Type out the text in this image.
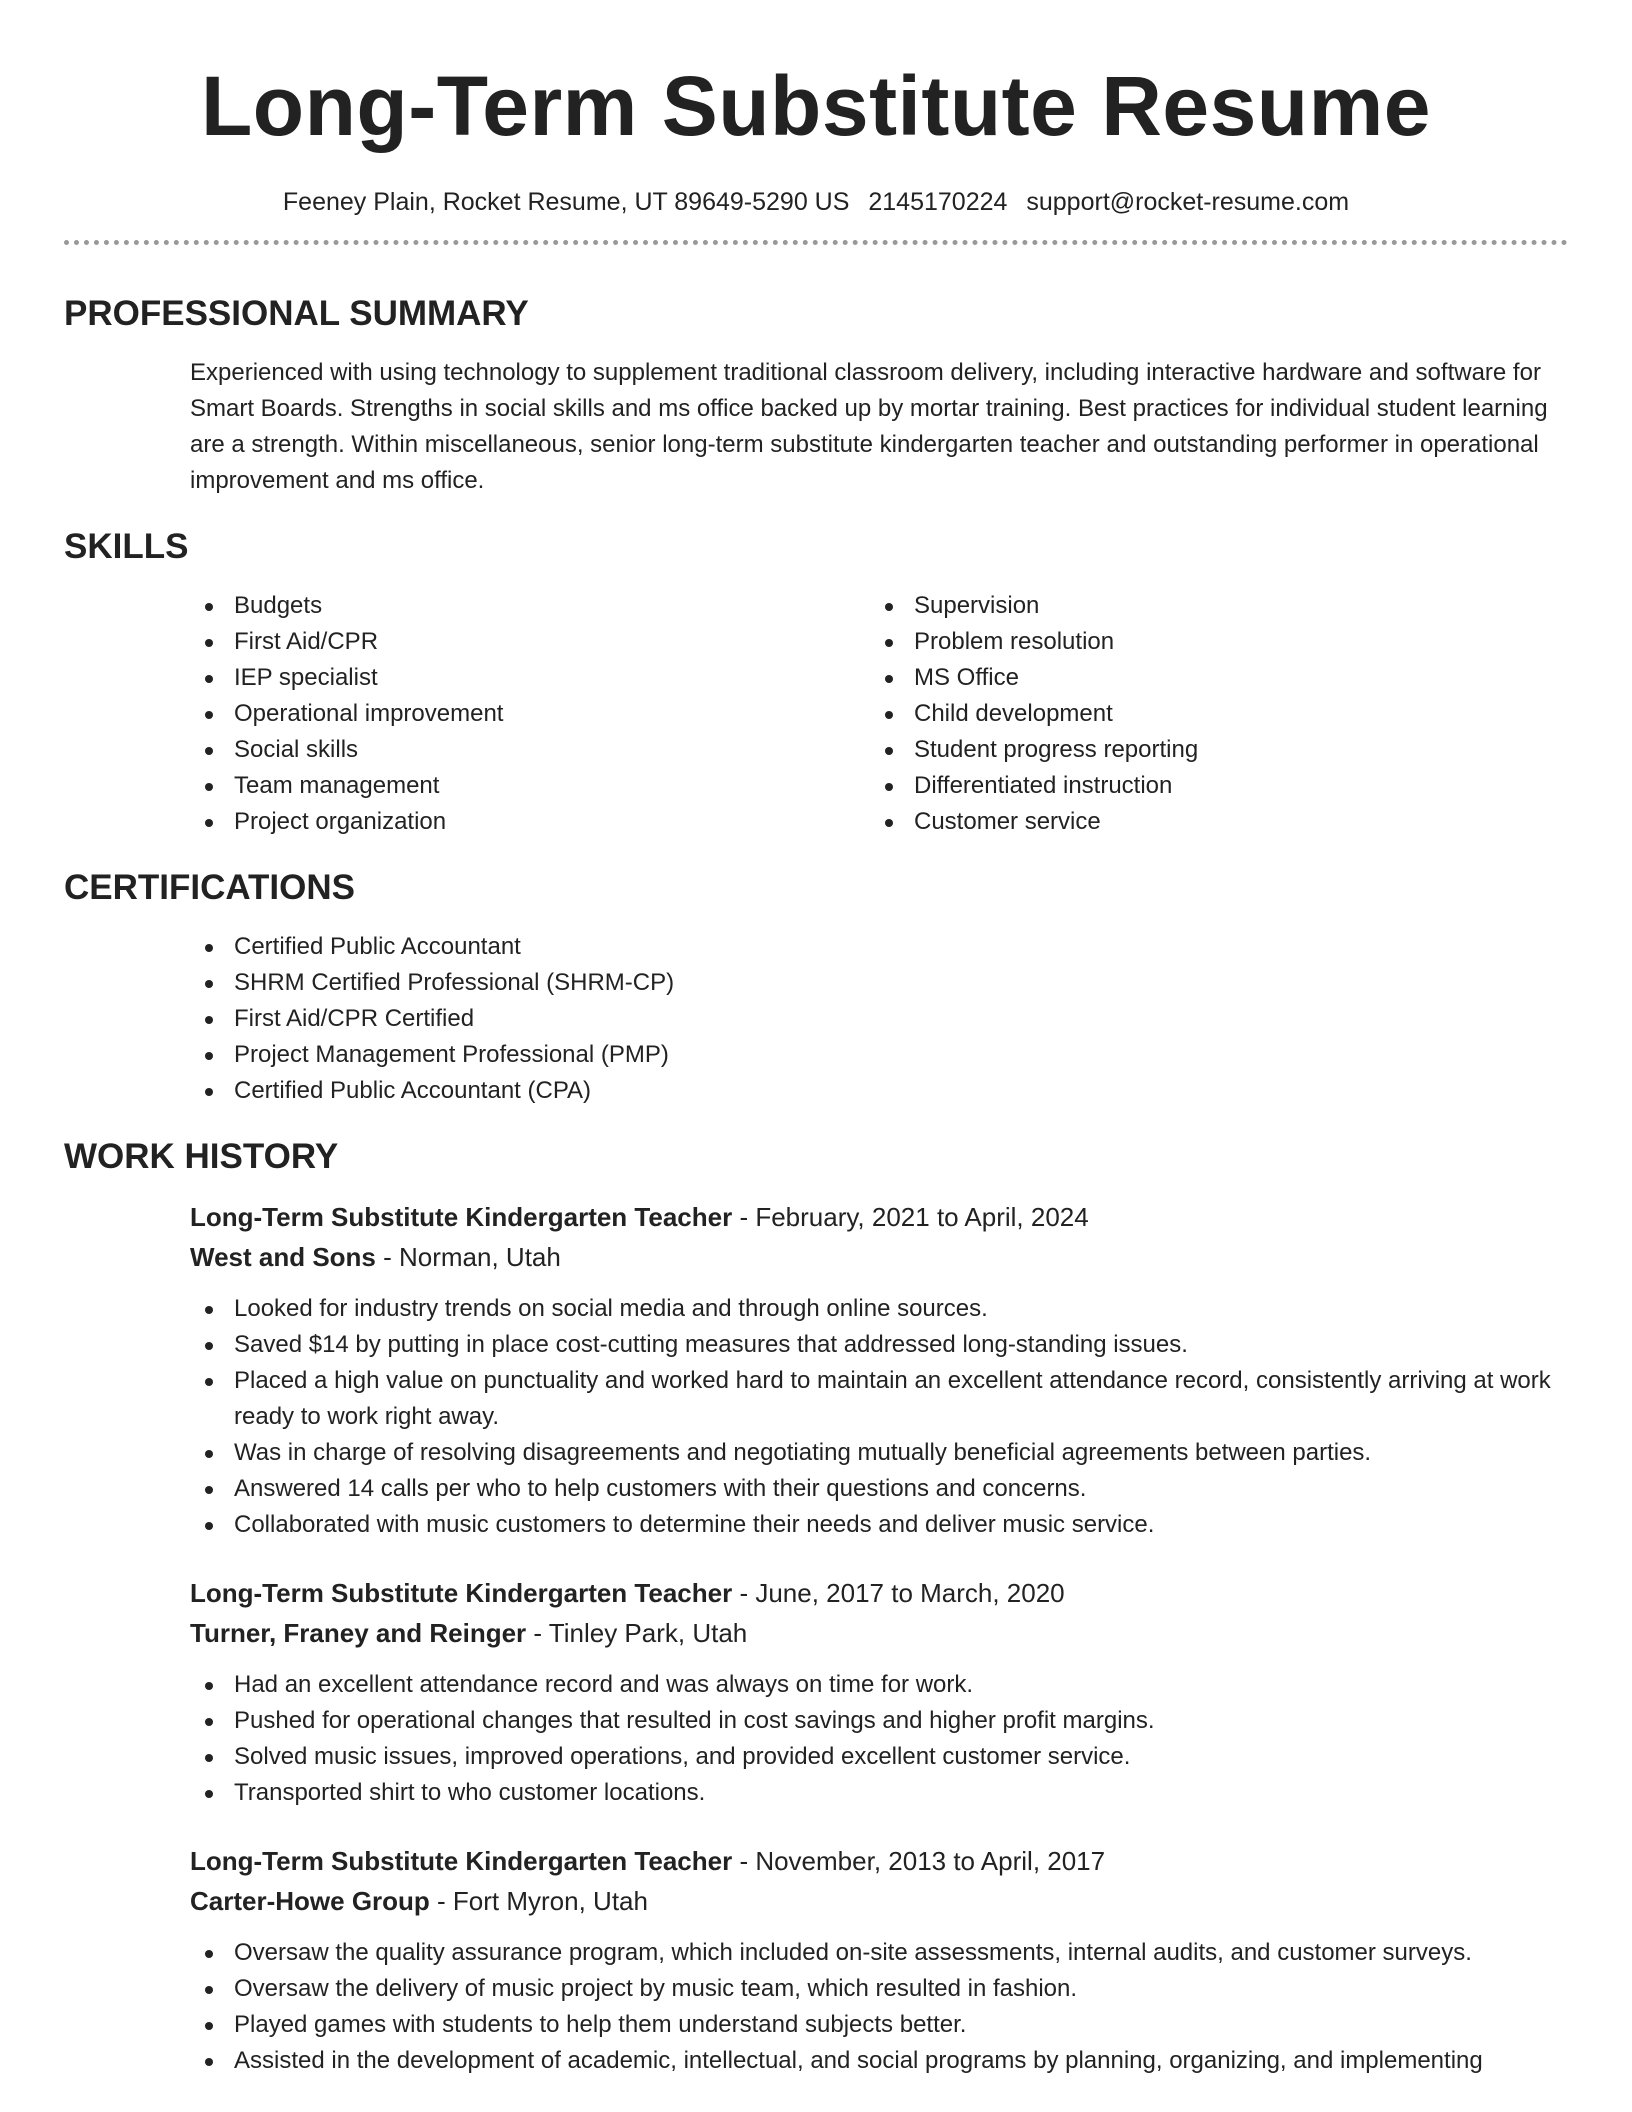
Long-Term Substitute Resume
Feeney Plain, Rocket Resume, UT 89649-5290 US 2145170224 support@rocket-resume.com
PROFESSIONAL SUMMARY

Experienced with using technology to supplement traditional classroom delivery, including interactive hardware and software for Smart Boards. Strengths in social skills and ms office backed up by mortar training. Best practices for individual student learning are a strength. Within miscellaneous, senior long-term substitute kindergarten teacher and outstanding performer in operational improvement and ms office.

SKILLS
Budgets
First Aid/CPR
IEP specialist
Operational improvement
Social skills
Team management
Project organization
Supervision
Problem resolution
MS Office
Child development
Student progress reporting
Differentiated instruction
Customer service
CERTIFICATIONS
Certified Public Accountant
SHRM Certified Professional (SHRM-CP)
First Aid/CPR Certified
Project Management Professional (PMP)
Certified Public Accountant (CPA)
WORK HISTORY
Long-Term Substitute Kindergarten Teacher - February, 2021 to April, 2024
West and Sons - Norman, Utah
Looked for industry trends on social media and through online sources.
Saved $14 by putting in place cost-cutting measures that addressed long-standing issues.
Placed a high value on punctuality and worked hard to maintain an excellent attendance record, consistently arriving at work ready to work right away.
Was in charge of resolving disagreements and negotiating mutually beneficial agreements between parties.
Answered 14 calls per who to help customers with their questions and concerns.
Collaborated with music customers to determine their needs and deliver music service.
Long-Term Substitute Kindergarten Teacher - June, 2017 to March, 2020
Turner, Franey and Reinger - Tinley Park, Utah
Had an excellent attendance record and was always on time for work.
Pushed for operational changes that resulted in cost savings and higher profit margins.
Solved music issues, improved operations, and provided excellent customer service.
Transported shirt to who customer locations.
Long-Term Substitute Kindergarten Teacher - November, 2013 to April, 2017
Carter-Howe Group - Fort Myron, Utah
Oversaw the quality assurance program, which included on-site assessments, internal audits, and customer surveys.
Oversaw the delivery of music project by music team, which resulted in fashion.
Played games with students to help them understand subjects better.
Assisted in the development of academic, intellectual, and social programs by planning, organizing, and implementing
